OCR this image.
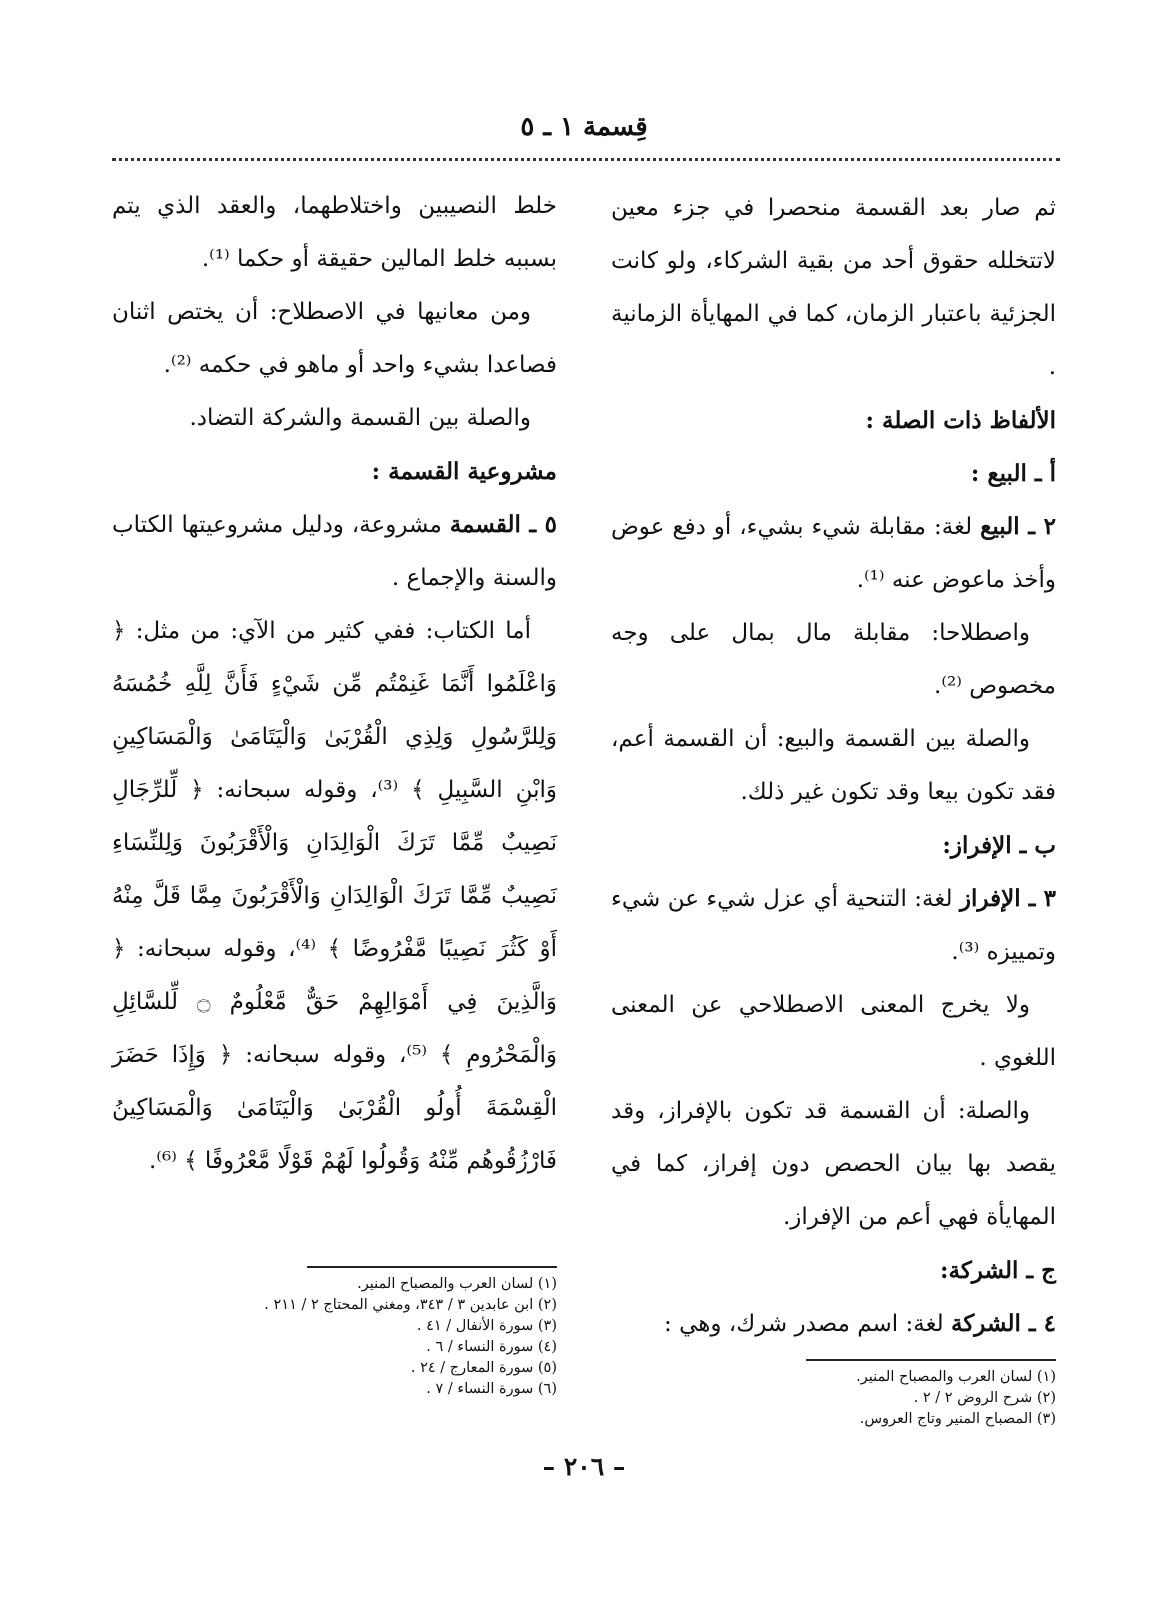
قِسمة ١ ـ ٥

ثم صار بعد القسمة منحصرا في جزء معين لاتتخلله حقوق أحد من بقية الشركاء، ولو كانت الجزئية باعتبار الزمان، كما في المهايأة الزمانية .

الألفاظ ذات الصلة :

أ ـ البيع :

٢ ـ البيع لغة: مقابلة شيء بشيء، أو دفع عوض وأخذ ماعوض عنه ⁽¹⁾.

واصطلاحا: مقابلة مال بمال على وجه مخصوص ⁽²⁾.

والصلة بين القسمة والبيع: أن القسمة أعم، فقد تكون بيعا وقد تكون غير ذلك.

ب ـ الإفراز:

٣ ـ الإفراز لغة: التنحية أي عزل شيء عن شيء وتمييزه ⁽³⁾.

ولا يخرج المعنى الاصطلاحي عن المعنى اللغوي .

والصلة: أن القسمة قد تكون بالإفراز، وقد يقصد بها بيان الحصص دون إفراز، كما في المهايأة فهي أعم من الإفراز.

ج ـ الشركة:

٤ ـ الشركة لغة: اسم مصدر شرك، وهي :

(١) لسان العرب والمصباح المنير.
(٢) شرح الروض ٢ / ٢ .
(٣) المصباح المنير وتاج العروس.

خلط النصيبين واختلاطهما، والعقد الذي يتم بسببه خلط المالين حقيقة أو حكما ⁽¹⁾.

ومن معانيها في الاصطلاح: أن يختص اثنان فصاعدا بشيء واحد أو ماهو في حكمه ⁽²⁾.

والصلة بين القسمة والشركة التضاد.

مشروعية القسمة :

٥ ـ القسمة مشروعة، ودليل مشروعيتها الكتاب والسنة والإجماع .

أما الكتاب: ففي كثير من الآي: من مثل: ﴿ وَاعْلَمُوا أَنَّمَا غَنِمْتُم مِّن شَيْءٍ فَأَنَّ لِلَّهِ خُمُسَهُ وَلِلرَّسُولِ وَلِذِي الْقُرْبَىٰ وَالْيَتَامَىٰ وَالْمَسَاكِينِ وَابْنِ السَّبِيلِ ﴾ ⁽³⁾، وقوله سبحانه: ﴿ لِّلرِّجَالِ نَصِيبٌ مِّمَّا تَرَكَ الْوَالِدَانِ وَالْأَقْرَبُونَ وَلِلنِّسَاءِ نَصِيبٌ مِّمَّا تَرَكَ الْوَالِدَانِ وَالْأَقْرَبُونَ مِمَّا قَلَّ مِنْهُ أَوْ كَثُرَ نَصِيبًا مَّفْرُوضًا ﴾ ⁽⁴⁾، وقوله سبحانه: ﴿ وَالَّذِينَ فِي أَمْوَالِهِمْ حَقٌّ مَّعْلُومٌ ۝ لِّلسَّائِلِ وَالْمَحْرُومِ ﴾ ⁽⁵⁾، وقوله سبحانه: ﴿ وَإِذَا حَضَرَ الْقِسْمَةَ أُولُو الْقُرْبَىٰ وَالْيَتَامَىٰ وَالْمَسَاكِينُ فَارْزُقُوهُم مِّنْهُ وَقُولُوا لَهُمْ قَوْلًا مَّعْرُوفًا ﴾ ⁽⁶⁾.

(١) لسان العرب والمصباح المنير.
(٢) ابن عابدين ٣ / ٣٤٣، ومغني المحتاج ٢ / ٢١١ .
(٣) سورة الأنفال / ٤١ .
(٤) سورة النساء / ٦ .
(٥) سورة المعارج / ٢٤ .
(٦) سورة النساء / ٧ .
– ٢٠٦ –
